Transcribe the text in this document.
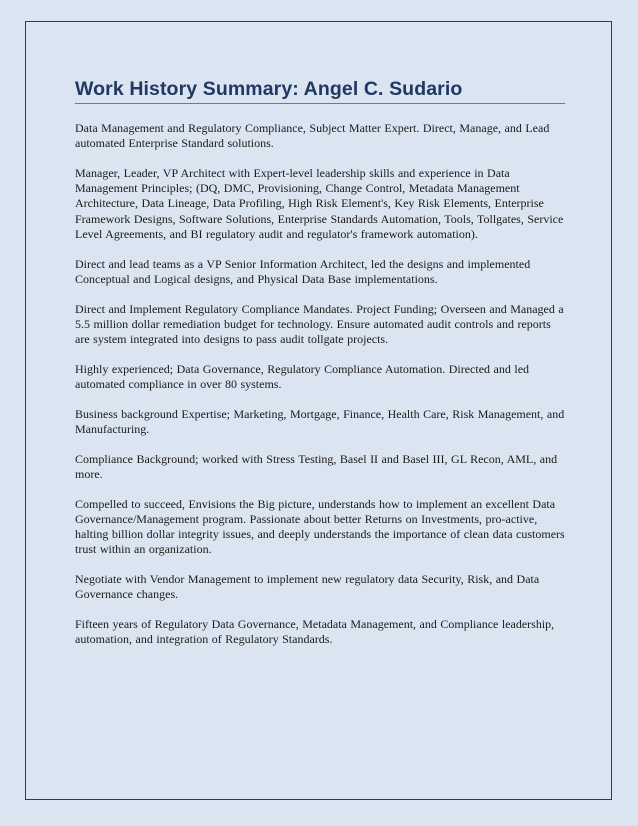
Work History Summary: Angel C. Sudario

Data Management and Regulatory Compliance, Subject Matter Expert. Direct, Manage, and Lead automated Enterprise Standard solutions.

Manager, Leader, VP Architect with Expert-level leadership skills and experience in Data Management Principles; (DQ, DMC, Provisioning, Change Control, Metadata Management Architecture, Data Lineage, Data Profiling, High Risk Element's, Key Risk Elements, Enterprise Framework Designs, Software Solutions, Enterprise Standards Automation, Tools, Tollgates, Service Level Agreements, and BI regulatory audit and regulator's framework automation).

Direct and lead teams as a VP Senior Information Architect, led the designs and implemented Conceptual and Logical designs, and Physical Data Base implementations.

Direct and Implement Regulatory Compliance Mandates. Project Funding; Overseen and Managed a 5.5 million dollar remediation budget for technology. Ensure automated audit controls and reports are system integrated into designs to pass audit tollgate projects.

Highly experienced; Data Governance, Regulatory Compliance Automation. Directed and led automated compliance in over 80 systems.

Business background Expertise; Marketing, Mortgage, Finance, Health Care, Risk Management, and Manufacturing.

Compliance Background; worked with Stress Testing, Basel II and Basel III, GL Recon, AML, and more.

Compelled to succeed, Envisions the Big picture, understands how to implement an excellent Data Governance/Management program. Passionate about better Returns on Investments, pro-active, halting billion dollar integrity issues, and deeply understands the importance of clean data customers trust within an organization.

Negotiate with Vendor Management to implement new regulatory data Security, Risk, and Data Governance changes.

Fifteen years of Regulatory Data Governance, Metadata Management, and Compliance leadership, automation, and integration of Regulatory Standards.
